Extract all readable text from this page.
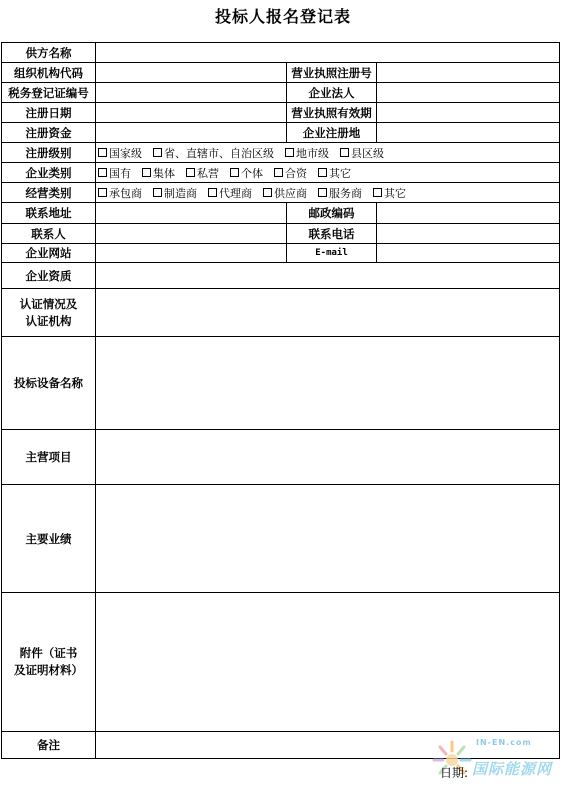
投标人报名登记表
供方名称			
组织机构代码		营业执照注册号	
税务登记证编号		企业法人	
注册日期		营业执照有效期	
注册资金		企业注册地	
注册级别	国家级 省、直辖市、自治区级 地市级 县区级		
企业类别	国有 集体 私营 个体 合资 其它		
经营类别	承包商 制造商 代理商 供应商 服务商 其它		
联系地址		邮政编码	
联系人		联系电话	
企业网站		E-mail	
企业资质			
认证情况及
认证机构			
投标设备名称			
主营项目			
主要业绩			
附件（证书
及证明材料）			
备注				IN-EN.com
国际能源网
日期:
